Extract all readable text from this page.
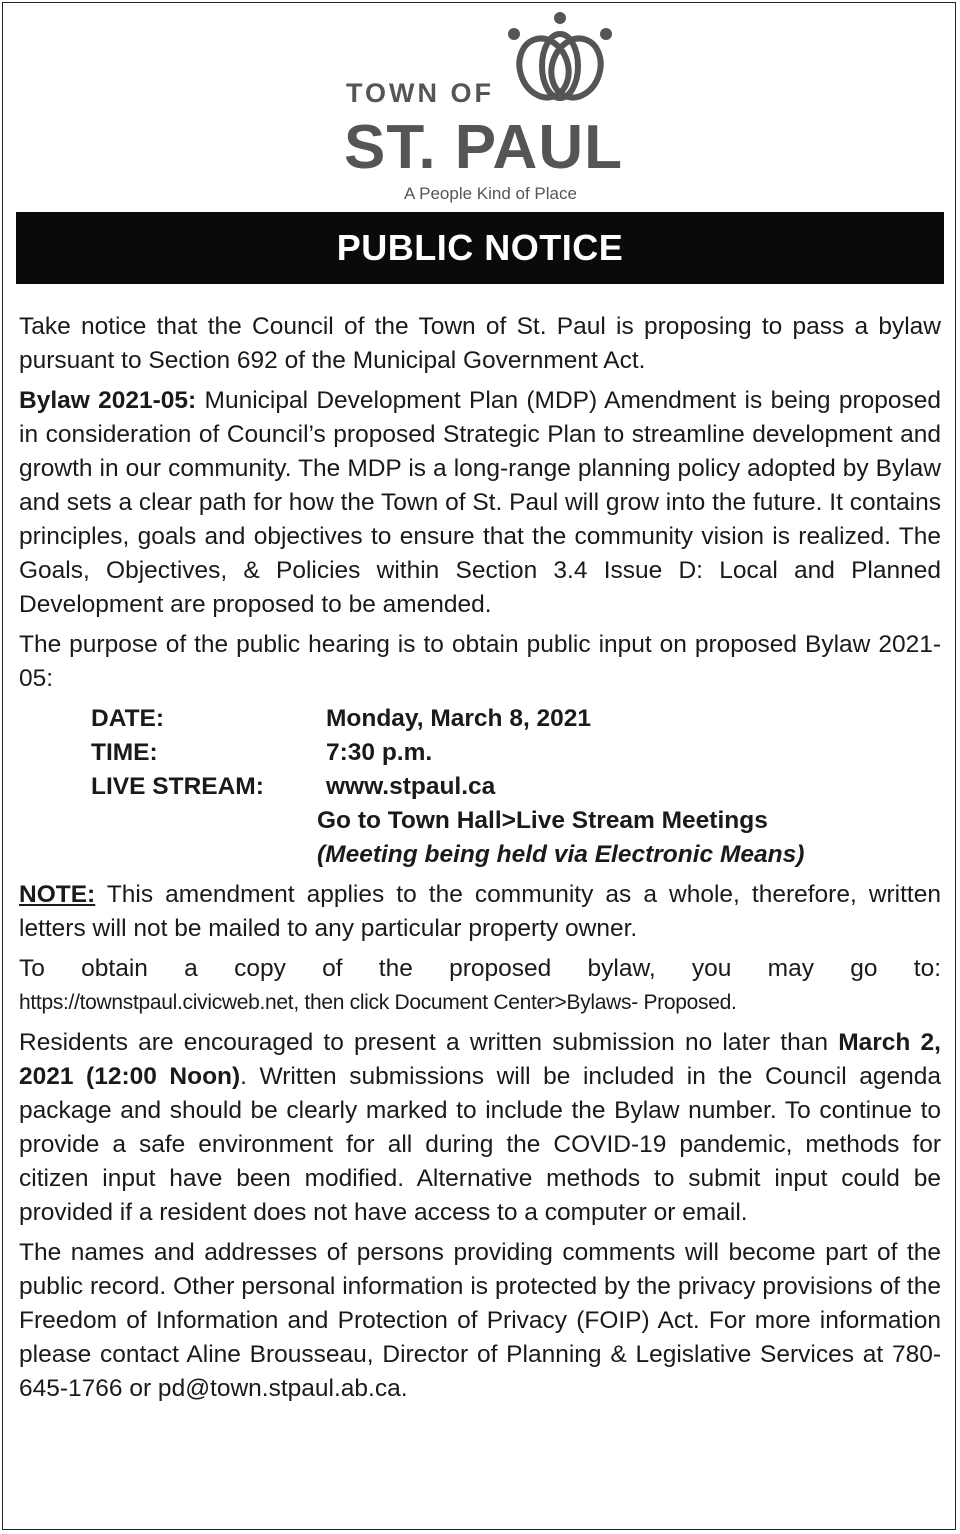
TOWN OF
ST. PAUL
A People Kind of Place
PUBLIC NOTICE

Take notice that the Council of the Town of St. Paul is proposing to pass a bylaw pursuant to Section 692 of the Municipal Government Act.

Bylaw 2021-05: Municipal Development Plan (MDP) Amendment is being proposed in consideration of Council’s proposed Strategic Plan to streamline development and growth in our community. The MDP is a long-range planning policy adopted by Bylaw and sets a clear path for how the Town of St. Paul will grow into the future. It contains principles, goals and objectives to ensure that the community vision is realized. The Goals, Objectives, & Policies within Section 3.4 Issue D: Local and Planned Development are proposed to be amended.

The purpose of the public hearing is to obtain public input on proposed Bylaw 2021-05:

DATE:	Monday, March 8, 2021
TIME:	7:30 p.m.
LIVE STREAM:	www.stpaul.ca
Go to Town Hall>Live Stream Meetings
(Meeting being held via Electronic Means)

NOTE: This amendment applies to the community as a whole, therefore, written letters will not be mailed to any particular property owner.

To obtain a copy of the proposed bylaw, you may go to:
https://townstpaul.civicweb.net, then click Document Center>Bylaws- Proposed.

Residents are encouraged to present a written submission no later than March 2, 2021 (12:00 Noon). Written submissions will be included in the Council agenda package and should be clearly marked to include the Bylaw number. To continue to provide a safe environment for all during the COVID-19 pandemic, methods for citizen input have been modified. Alternative methods to submit input could be provided if a resident does not have access to a computer or email.

The names and addresses of persons providing comments will become part of the public record. Other personal information is protected by the privacy provisions of the Freedom of Information and Protection of Privacy (FOIP) Act. For more information please contact Aline Brousseau, Director of Planning & Legislative Services at 780-645-1766 or pd@town.stpaul.ab.ca.
